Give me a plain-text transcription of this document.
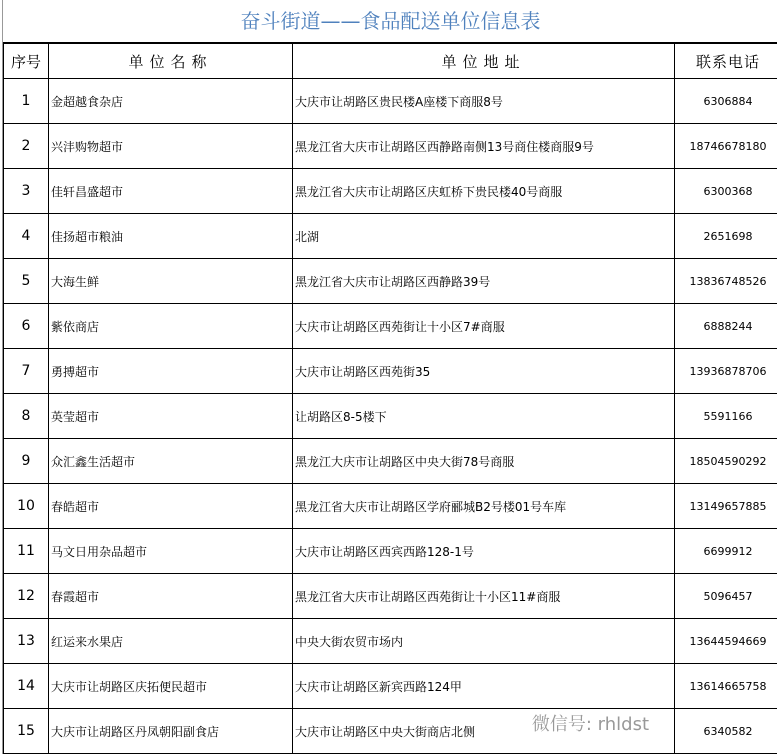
奋斗街道——食品配送单位信息表
序号	单位名称	单位地址	联系电话
1	金超越食杂店	大庆市让胡路区贵民楼A座楼下商服8号	6306884
2	兴沣购物超市	黑龙江省大庆市让胡路区西静路南侧13号商住楼商服9号	18746678180
3	佳轩昌盛超市	黑龙江省大庆市让胡路区庆虹桥下贵民楼40号商服	6300368
4	佳扬超市粮油	北湖	2651698
5	大海生鲜	黑龙江省大庆市让胡路区西静路39号	13836748526
6	紫依商店	大庆市让胡路区西苑街让十小区7#商服	6888244
7	勇搏超市	大庆市让胡路区西苑街35	13936878706
8	英莹超市	让胡路区8-5楼下	5591166
9	众汇鑫生活超市	黑龙江大庆市让胡路区中央大街78号商服	18504590292
10	春皓超市	黑龙江省大庆市让胡路区学府郦城B2号楼01号车库	13149657885
11	马文日用杂品超市	大庆市让胡路区西宾西路128-1号	6699912
12	春霞超市	黑龙江省大庆市让胡路区西苑街让十小区11#商服	5096457
13	红运来水果店	中央大街农贸市场内	13644594669
14	大庆市让胡路区庆拓便民超市	大庆市让胡路区新宾西路124甲	13614665758
15	大庆市让胡路区丹凤朝阳副食店	大庆市让胡路区中央大街商店北侧	6340582
微信号: rhldst
